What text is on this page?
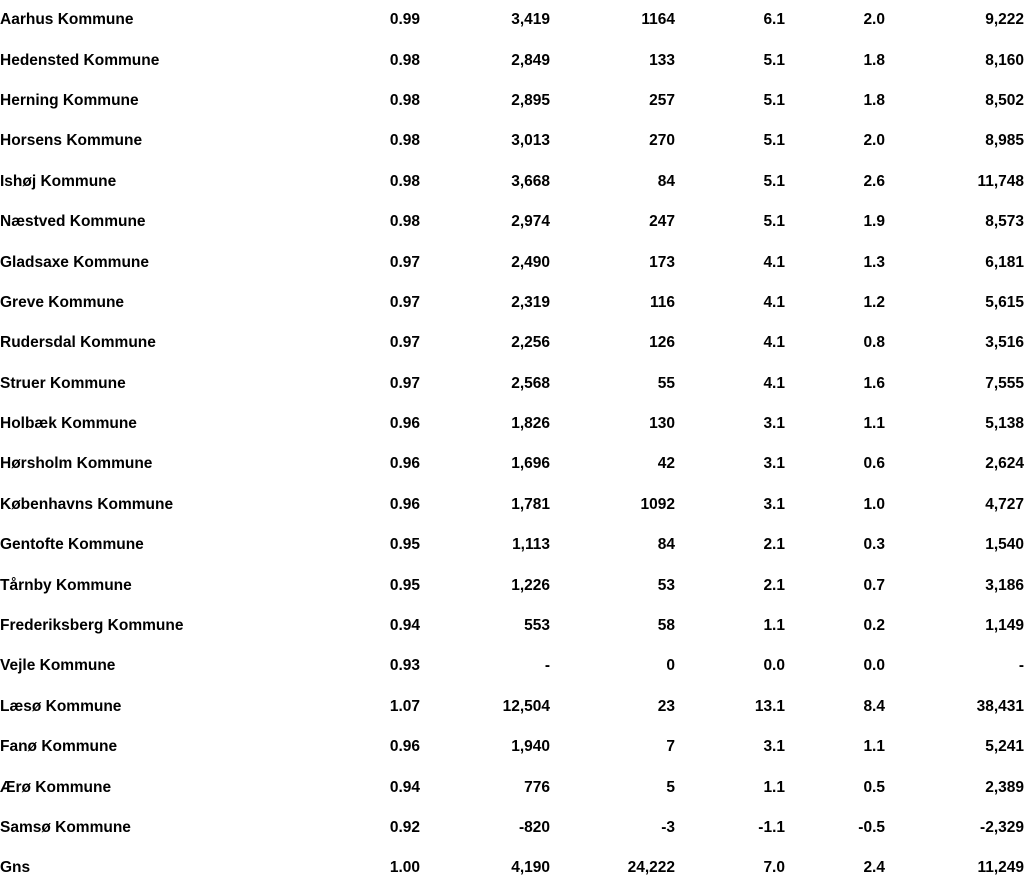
Aarhus Kommune	0.99	3,419	1164	6.1	2.0	9,222
Hedensted Kommune	0.98	2,849	133	5.1	1.8	8,160
Herning Kommune	0.98	2,895	257	5.1	1.8	8,502
Horsens Kommune	0.98	3,013	270	5.1	2.0	8,985
Ishøj Kommune	0.98	3,668	84	5.1	2.6	11,748
Næstved Kommune	0.98	2,974	247	5.1	1.9	8,573
Gladsaxe Kommune	0.97	2,490	173	4.1	1.3	6,181
Greve Kommune	0.97	2,319	116	4.1	1.2	5,615
Rudersdal Kommune	0.97	2,256	126	4.1	0.8	3,516
Struer Kommune	0.97	2,568	55	4.1	1.6	7,555
Holbæk Kommune	0.96	1,826	130	3.1	1.1	5,138
Hørsholm Kommune	0.96	1,696	42	3.1	0.6	2,624
Københavns Kommune	0.96	1,781	1092	3.1	1.0	4,727
Gentofte Kommune	0.95	1,113	84	2.1	0.3	1,540
Tårnby Kommune	0.95	1,226	53	2.1	0.7	3,186
Frederiksberg Kommune	0.94	553	58	1.1	0.2	1,149
Vejle Kommune	0.93	-	0	0.0	0.0	-
Læsø Kommune	1.07	12,504	23	13.1	8.4	38,431
Fanø Kommune	0.96	1,940	7	3.1	1.1	5,241
Ærø Kommune	0.94	776	5	1.1	0.5	2,389
Samsø Kommune	0.92	-820	-3	-1.1	-0.5	-2,329
Gns	1.00	4,190	24,222	7.0	2.4	11,249
